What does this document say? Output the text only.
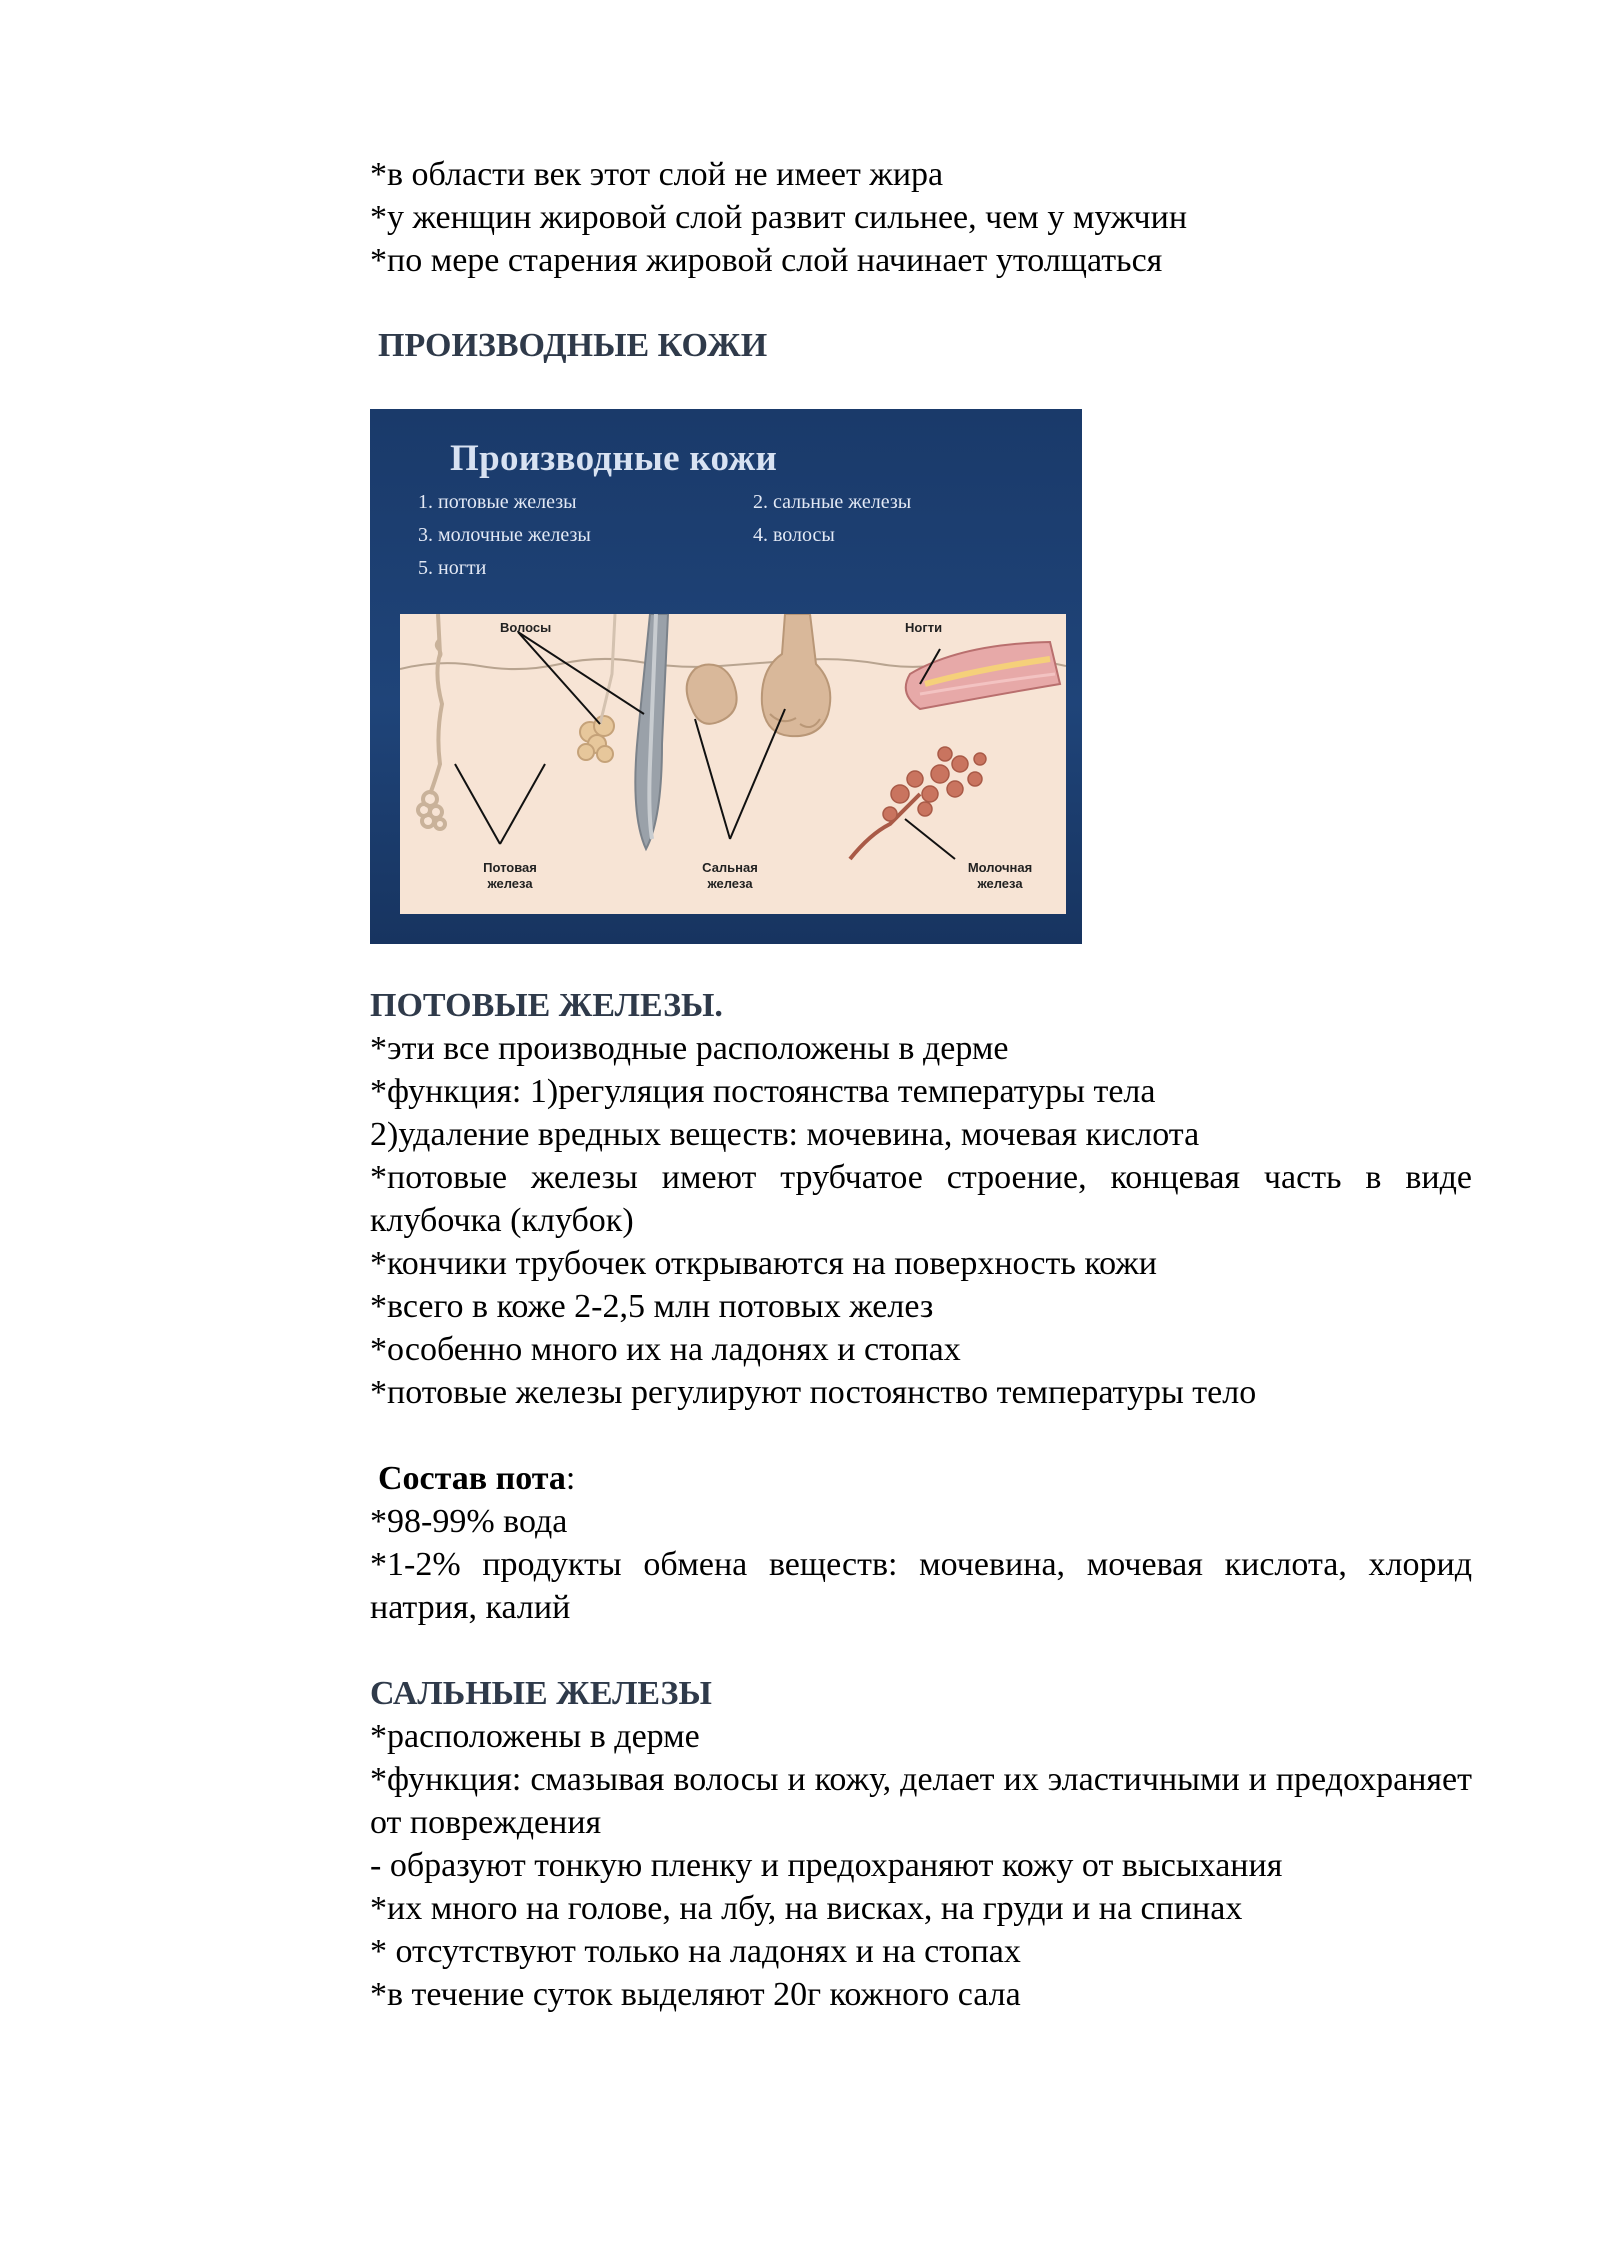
*в области век этот слой не имеет жира
*у женщин жировой слой развит сильнее, чем у мужчин
*по мере старения жировой слой начинает утолщаться
ПРОИЗВОДНЫЕ КОЖИ
Производные кожи
1. потовые железы	2. сальные железы
3. молочные железы	4. волосы
5. ногти
Волосы	Ногти
Потовая
железа
Сальная
железа
Молочная
железа
ПОТОВЫЕ ЖЕЛЕЗЫ.
*эти все производные расположены в дерме
*функция: 1)регуляция постоянства температуры тела
2)удаление вредных веществ: мочевина, мочевая кислота
*потовые железы имеют трубчатое строение, концевая часть в виде клубочка (клубок)
*кончики трубочек открываются на поверхность кожи
*всего в коже 2-2,5 млн потовых желез
*особенно много их на ладонях и стопах
*потовые железы регулируют постоянство температуры тело
Состав пота:
*98-99% вода
*1-2% продукты обмена веществ: мочевина, мочевая кислота, хлорид натрия, калий
САЛЬНЫЕ ЖЕЛЕЗЫ
*расположены в дерме
*функция: смазывая волосы и кожу, делает их эластичными и предохраняет от повреждения
- образуют тонкую пленку и предохраняют кожу от высыхания
*их много на голове, на лбу, на висках, на груди и на спинах
* отсутствуют только на ладонях и на стопах
*в течение суток выделяют 20г кожного сала
